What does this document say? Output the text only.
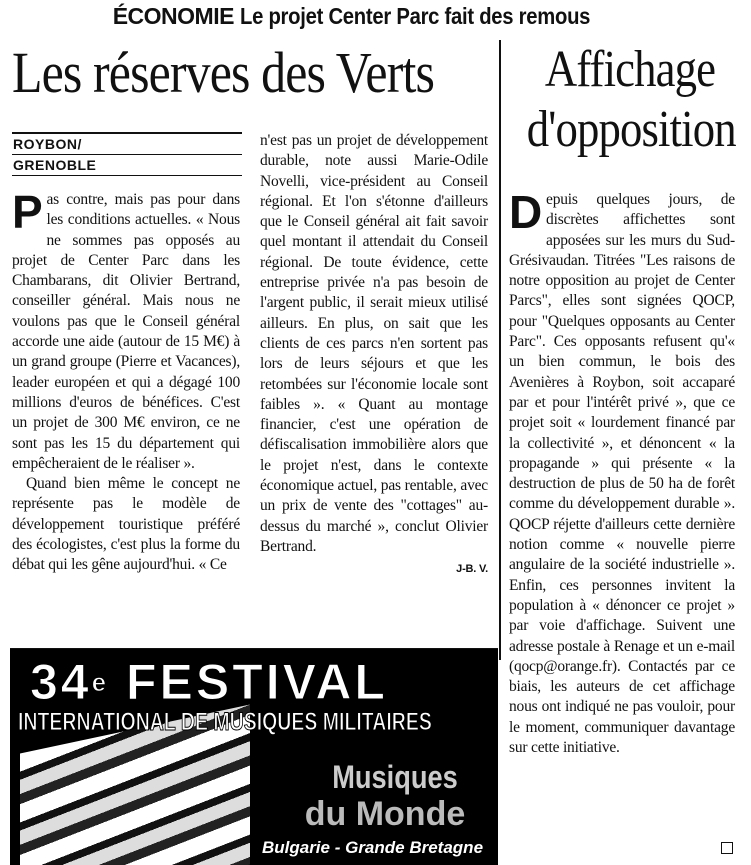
ÉCONOMIE Le projet Center Parc fait des remous
Les réserves des Verts	Affichage
d'opposition
ROYBON/
GRENOBLE

Pas contre, mais pas pour dans les conditions actuelles. « Nous ne sommes pas opposés au projet de Center Parc dans les Chambarans, dit Olivier Bertrand, conseiller général. Mais nous ne voulons pas que le Conseil général accorde une aide (autour de 15 M€) à un grand groupe (Pierre et Vacances), leader européen et qui a dégagé 100 millions d'euros de bénéfices. C'est un projet de 300 M€ environ, ce ne sont pas les 15 du département qui empêcheraient de le réaliser ».

Quand bien même le concept ne représente pas le modèle de développement touristique préféré des écologistes, c'est plus la forme du débat qui les gêne aujourd'hui. « Ce

n'est pas un projet de développement durable, note aussi Marie-Odile Novelli, vice-président au Conseil régional. Et l'on s'étonne d'ailleurs que le Conseil général ait fait savoir quel montant il attendait du Conseil régional. De toute évidence, cette entreprise privée n'a pas besoin de l'argent public, il serait mieux utilisé ailleurs. En plus, on sait que les clients de ces parcs n'en sortent pas lors de leurs séjours et que les retombées sur l'économie locale sont faibles ». « Quant au montage financier, c'est une opération de défiscalisation immobilière alors que le projet n'est, dans le contexte économique actuel, pas rentable, avec un prix de vente des "cottages" au-dessus du marché », conclut Olivier Bertrand.

J-B. V.

Depuis quelques jours, de discrètes affichettes sont apposées sur les murs du Sud-Grésivaudan. Titrées "Les raisons de notre opposition au projet de Center Parcs", elles sont signées QOCP, pour "Quelques opposants au Center Parc". Ces opposants refusent qu'« un bien commun, le bois des Avenières à Roybon, soit accaparé par et pour l'intérêt privé », que ce projet soit « lourdement financé par la collectivité », et dénoncent « la propagande » qui présente « la destruction de plus de 50 ha de forêt comme du développement durable ». QOCP réjette d'ailleurs cette dernière notion comme « nouvelle pierre angulaire de la société industrielle ». Enfin, ces personnes invitent la population à « dénoncer ce projet » par voie d'affichage. Suivent une adresse postale à Renage et un e-mail (qocp@orange.fr). Contactés par ce biais, les auteurs de cet affichage nous ont indiqué ne pas vouloir, pour le moment, communiquer davantage sur cette initiative.

34e FESTIVAL
INTERNATIONAL DE MUSIQUES MILITAIRES
Musiques
du Monde
Bulgarie - Grande Bretagne
